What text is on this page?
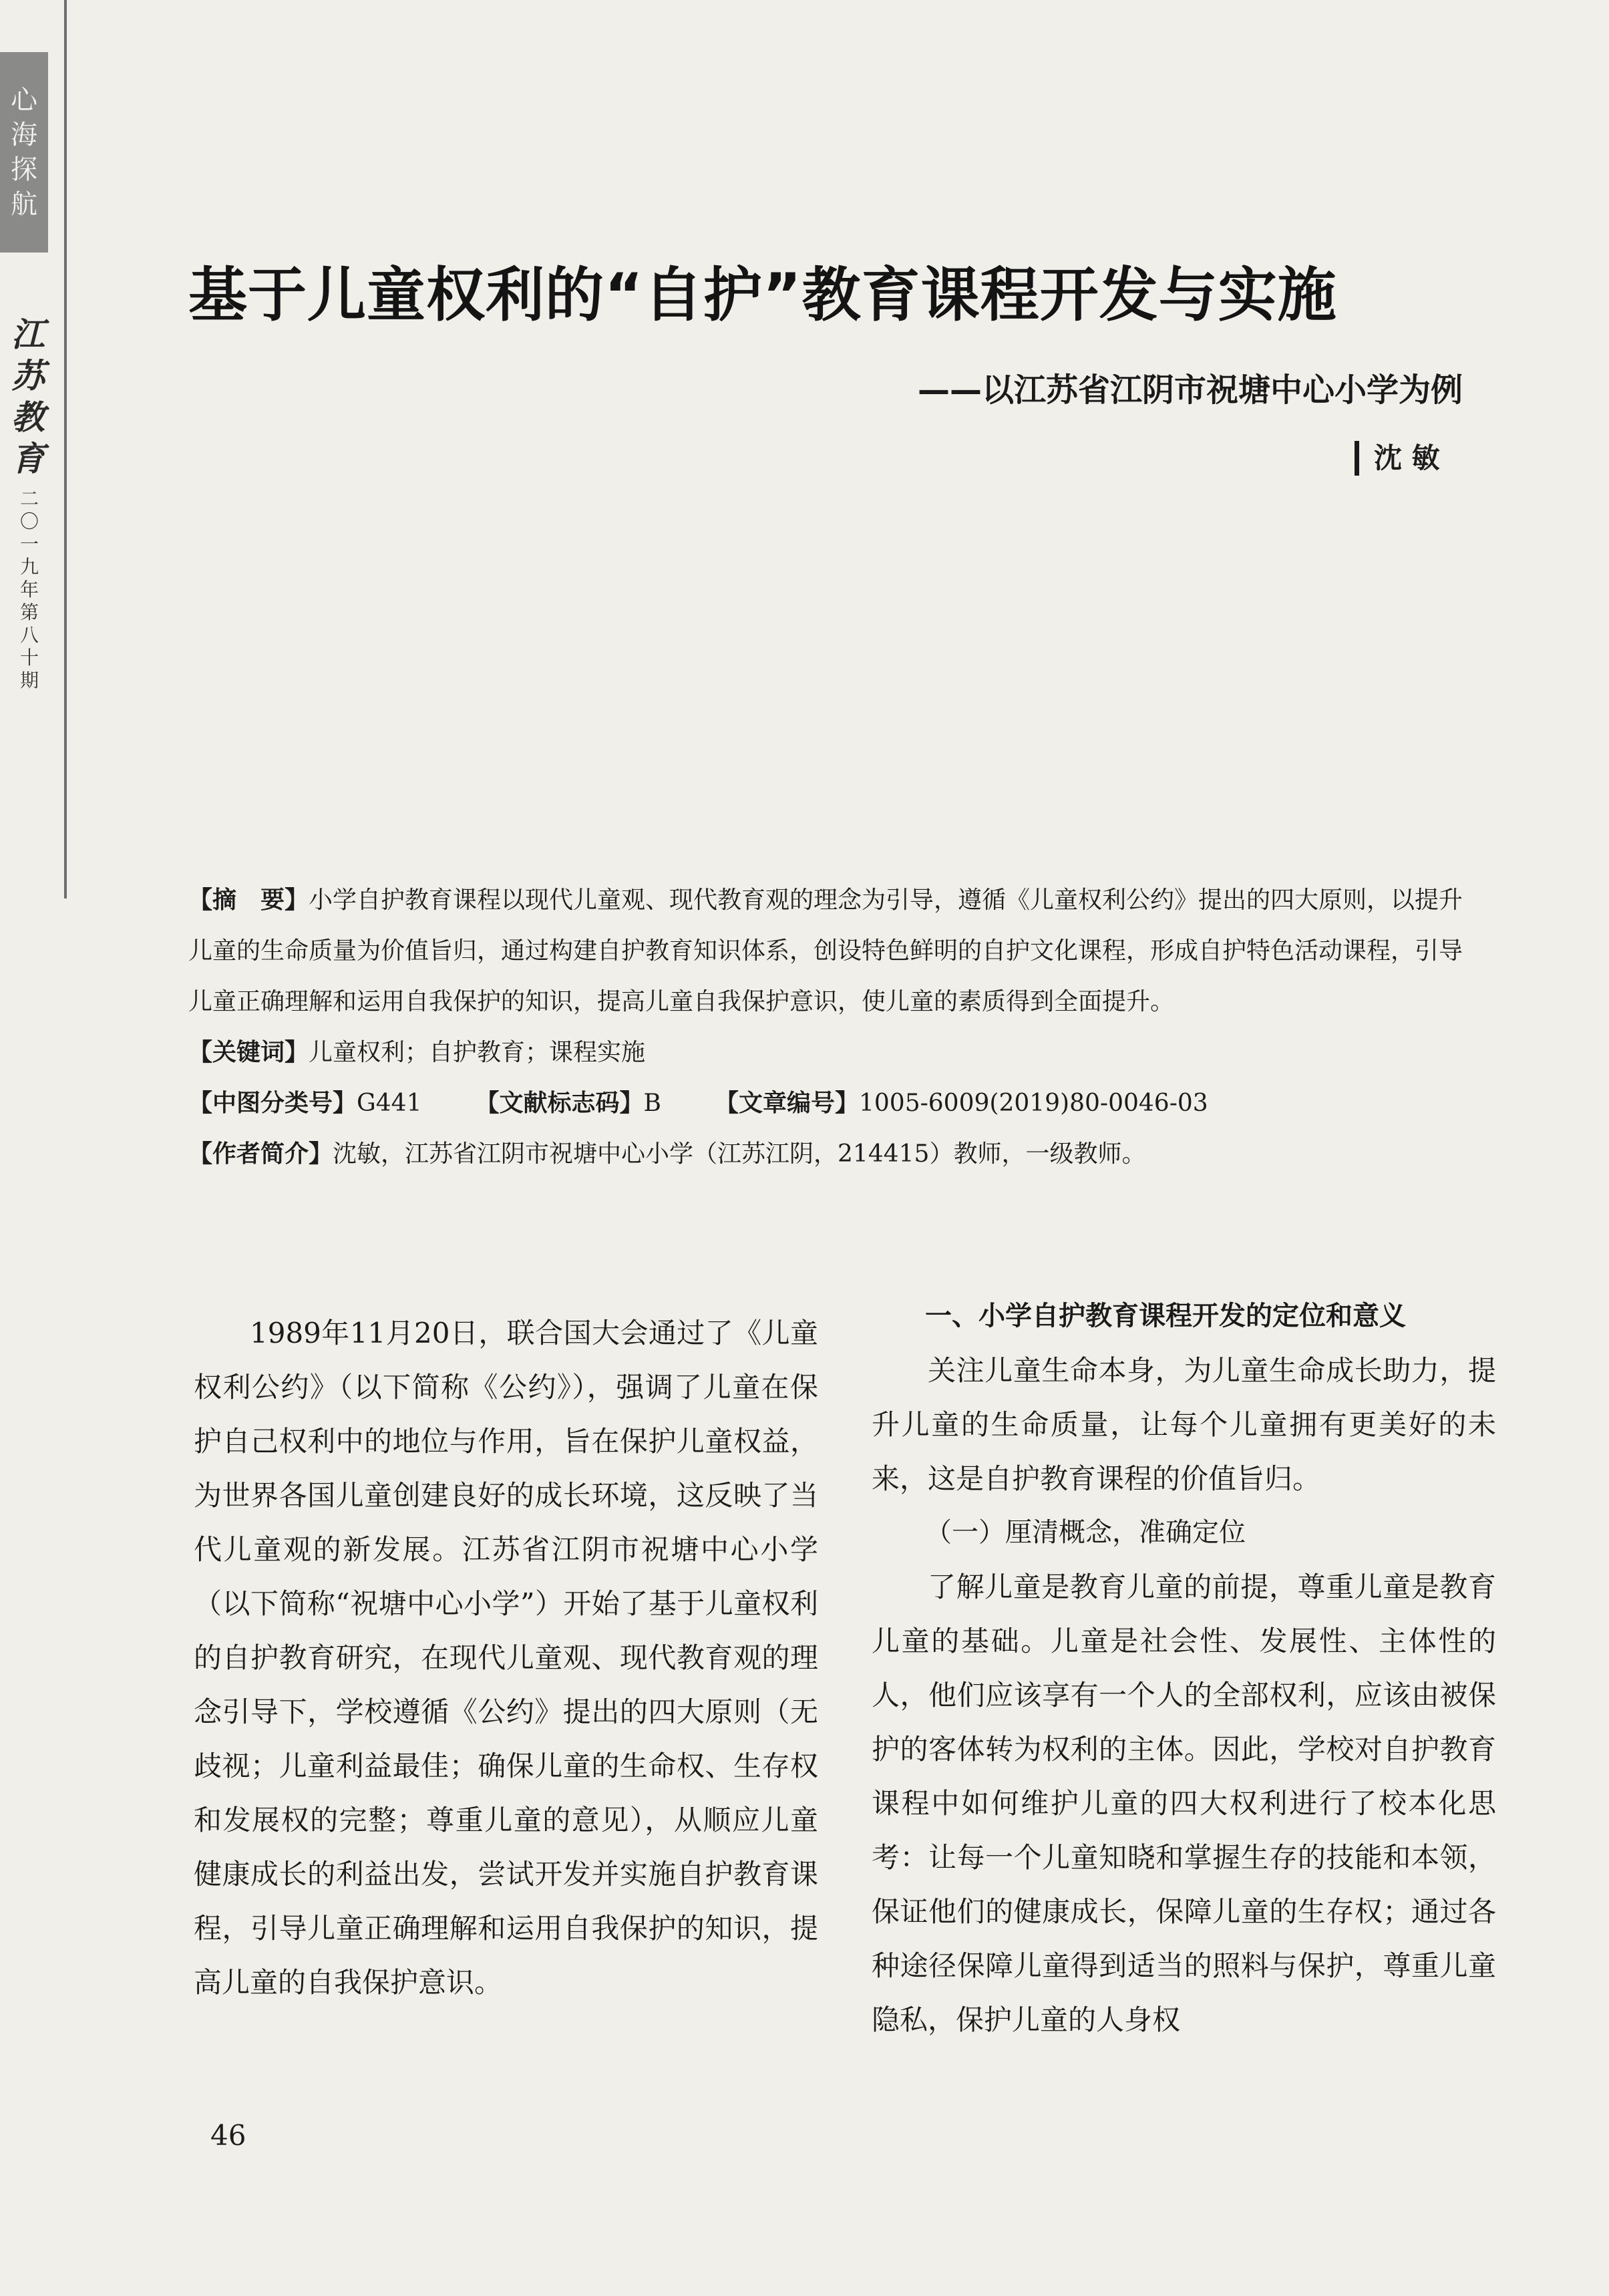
心
海
探
航
江
苏
教
育
二
〇
一
九
年
第
八
十
期
基于儿童权利的“自护”教育课程开发与实施
——以江苏省江阴市祝塘中心小学为例
沈 敏

【摘　要】小学自护教育课程以现代儿童观、现代教育观的理念为引导，遵循《儿童权利公约》提出的四大原则，以提升儿童的生命质量为价值旨归，通过构建自护教育知识体系，创设特色鲜明的自护文化课程，形成自护特色活动课程，引导儿童正确理解和运用自我保护的知识，提高儿童自我保护意识，使儿童的素质得到全面提升。

【关键词】儿童权利；自护教育；课程实施

【中图分类号】G441 【文献标志码】B 【文章编号】1005-6009(2019)80-0046-03

【作者简介】沈敏，江苏省江阴市祝塘中心小学（江苏江阴，214415）教师，一级教师。

1989年11月20日，联合国大会通过了《儿童权利公约》（以下简称《公约》），强调了儿童在保护自己权利中的地位与作用，旨在保护儿童权益，为世界各国儿童创建良好的成长环境，这反映了当代儿童观的新发展。江苏省江阴市祝塘中心小学（以下简称“祝塘中心小学”）开始了基于儿童权利的自护教育研究，在现代儿童观、现代教育观的理念引导下，学校遵循《公约》提出的四大原则（无歧视；儿童利益最佳；确保儿童的生命权、生存权和发展权的完整；尊重儿童的意见），从顺应儿童健康成长的利益出发，尝试开发并实施自护教育课程，引导儿童正确理解和运用自我保护的知识，提高儿童的自我保护意识。

一、小学自护教育课程开发的定位和意义

关注儿童生命本身，为儿童生命成长助力，提升儿童的生命质量，让每个儿童拥有更美好的未来，这是自护教育课程的价值旨归。

（一）厘清概念，准确定位

了解儿童是教育儿童的前提，尊重儿童是教育儿童的基础。儿童是社会性、发展性、主体性的人，他们应该享有一个人的全部权利，应该由被保护的客体转为权利的主体。因此，学校对自护教育课程中如何维护儿童的四大权利进行了校本化思考：让每一个儿童知晓和掌握生存的技能和本领，保证他们的健康成长，保障儿童的生存权；通过各种途径保障儿童得到适当的照料与保护，尊重儿童隐私，保护儿童的人身权

46
